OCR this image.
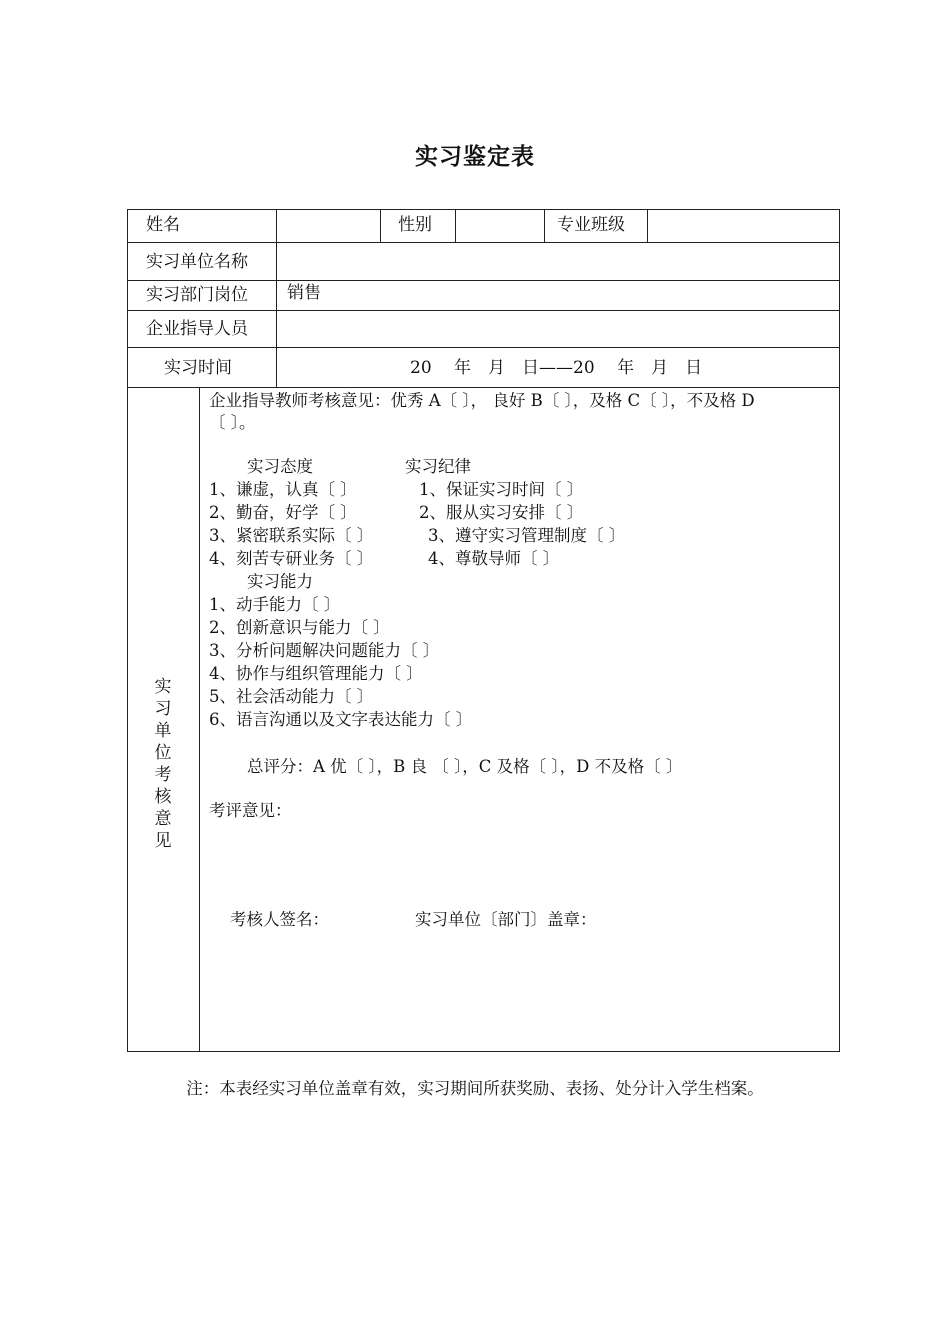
实习鉴定表
姓名	性别	专业班级
实习单位名称
实习部门岗位 销售
企业指导人员
实习时间	20　 年　月　日——20　 年　月　日
实习
单位
考核
意见
企业指导教师考核意见：优秀 A〔 〕， 良好 B〔 〕，及格 C〔 〕，不及格 D
〔 〕。
实习态度	实习纪律
1、谦虚，认真〔 〕	1、保证实习时间〔 〕
2、勤奋，好学〔 〕	2、服从实习安排〔 〕
3、紧密联系实际〔 〕	3、遵守实习管理制度〔 〕
4、刻苦专研业务〔 〕	4、尊敬导师〔 〕
实习能力
1、动手能力〔 〕
2、创新意识与能力〔 〕
3、分析问题解决问题能力〔 〕
4、协作与组织管理能力〔 〕
5、社会活动能力〔 〕
6、语言沟通以及文字表达能力〔 〕
总评分：A 优〔 〕，B 良 〔 〕，C 及格〔 〕，D 不及格〔 〕
考评意见：
考核人签名：	实习单位〔部门〕盖章：
注：本表经实习单位盖章有效，实习期间所获奖励、表扬、处分计入学生档案。
